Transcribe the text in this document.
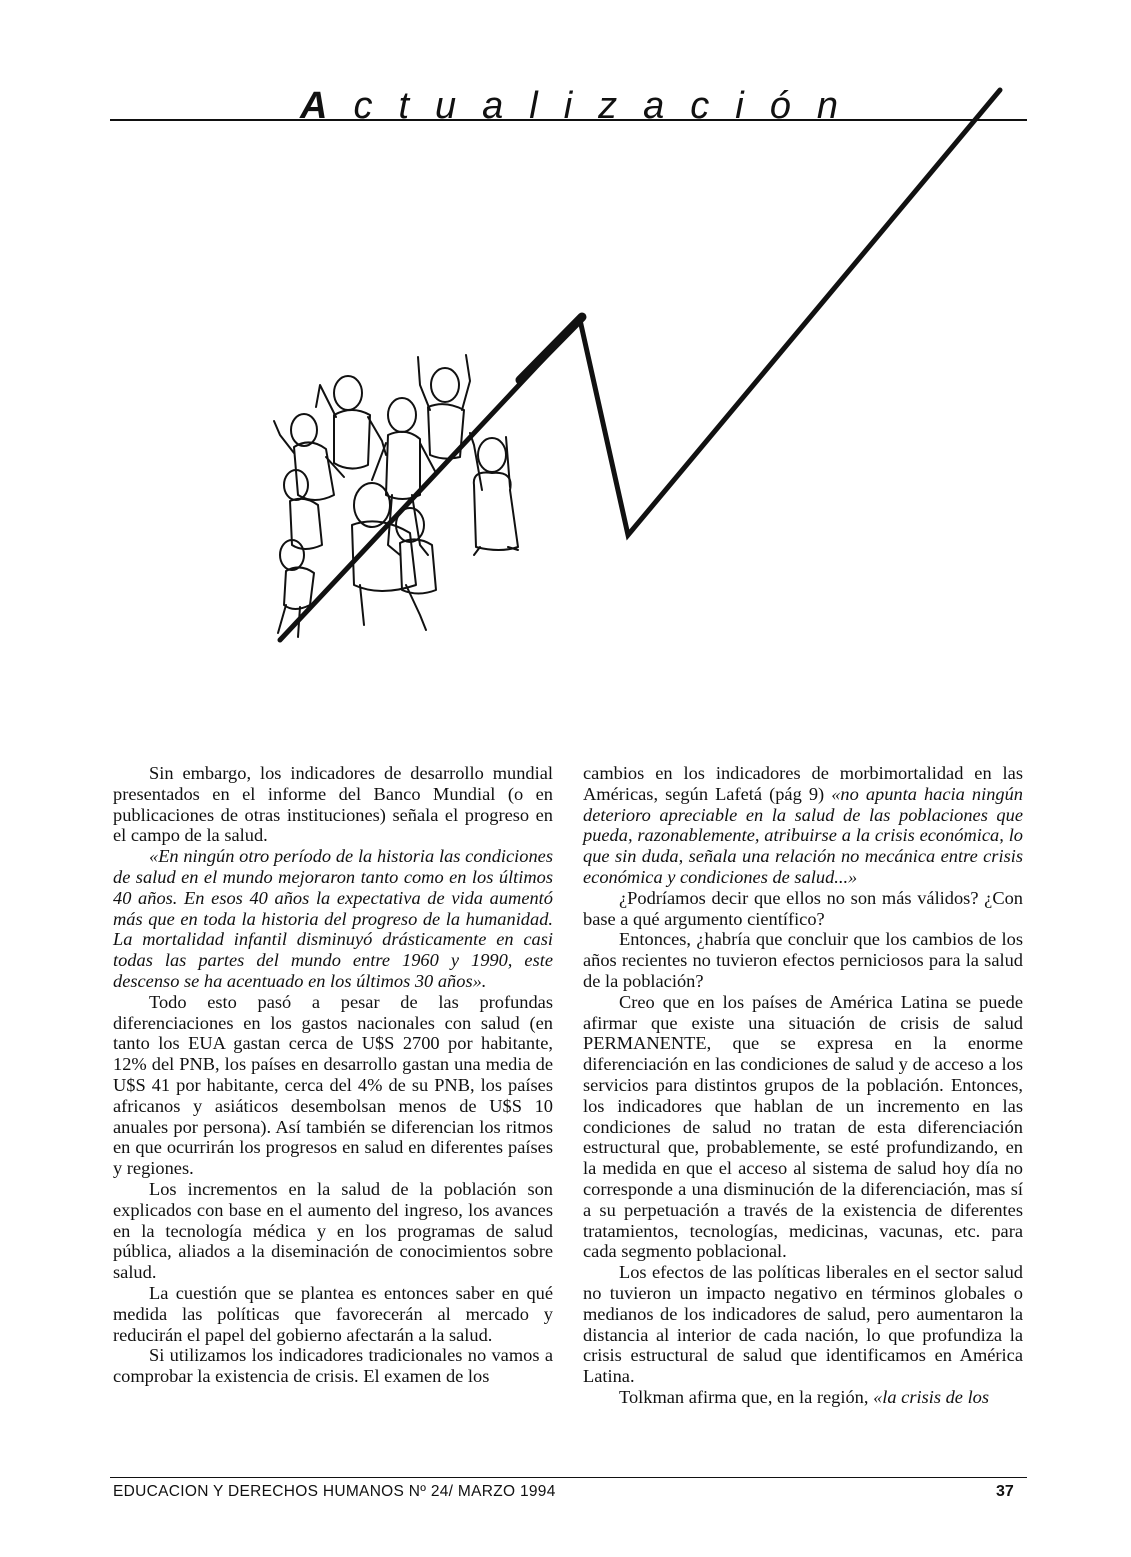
Actualización

Sin embargo, los indicadores de desarrollo mundial presentados en el informe del Banco Mundial (o en publicaciones de otras instituciones) señala el progreso en el campo de la salud.

«En ningún otro período de la historia las condiciones de salud en el mundo mejoraron tanto como en los últimos 40 años. En esos 40 años la expectativa de vida aumentó más que en toda la historia del progreso de la humanidad. La mortalidad infantil disminuyó drásticamente en casi todas las partes del mundo entre 1960 y 1990, este descenso se ha acentuado en los últimos 30 años».

Todo esto pasó a pesar de las profundas diferenciaciones en los gastos nacionales con salud (en tanto los EUA gastan cerca de U$S 2700 por habitante, 12% del PNB, los países en desarrollo gastan una media de U$S 41 por habitante, cerca del 4% de su PNB, los países africanos y asiáticos desembolsan menos de U$S 10 anuales por persona). Así también se diferencian los ritmos en que ocurrirán los progresos en salud en diferentes países y regiones.

Los incrementos en la salud de la población son explicados con base en el aumento del ingreso, los avances en la tecnología médica y en los programas de salud pública, aliados a la diseminación de conocimientos sobre salud.

La cuestión que se plantea es entonces saber en qué medida las políticas que favorecerán al mercado y reducirán el papel del gobierno afectarán a la salud.

Si utilizamos los indicadores tradicionales no vamos a comprobar la existencia de crisis. El examen de los

cambios en los indicadores de morbimortalidad en las Américas, según Lafetá (pág 9) «no apunta hacia ningún deterioro apreciable en la salud de las poblaciones que pueda, razonablemente, atribuirse a la crisis económica, lo que sin duda, señala una relación no mecánica entre crisis económica y condiciones de salud...»

¿Podríamos decir que ellos no son más válidos? ¿Con base a qué argumento científico?

Entonces, ¿habría que concluir que los cambios de los años recientes no tuvieron efectos perniciosos para la salud de la población?

Creo que en los países de América Latina se puede afirmar que existe una situación de crisis de salud PERMANENTE, que se expresa en la enorme diferenciación en las condiciones de salud y de acceso a los servicios para distintos grupos de la población. Entonces, los indicadores que hablan de un incremento en las condiciones de salud no tratan de esta diferenciación estructural que, probablemente, se esté profundizando, en la medida en que el acceso al sistema de salud hoy día no corresponde a una disminución de la diferenciación, mas sí a su perpetuación a través de la existencia de diferentes tratamientos, tecnologías, medicinas, vacunas, etc. para cada segmento poblacional.

Los efectos de las políticas liberales en el sector salud no tuvieron un impacto negativo en términos globales o medianos de los indicadores de salud, pero aumentaron la distancia al interior de cada nación, lo que profundiza la crisis estructural de salud que identificamos en América Latina.

Tolkman afirma que, en la región, «la crisis de los

EDUCACION Y DERECHOS HUMANOS Nº 24/ MARZO 1994	37
